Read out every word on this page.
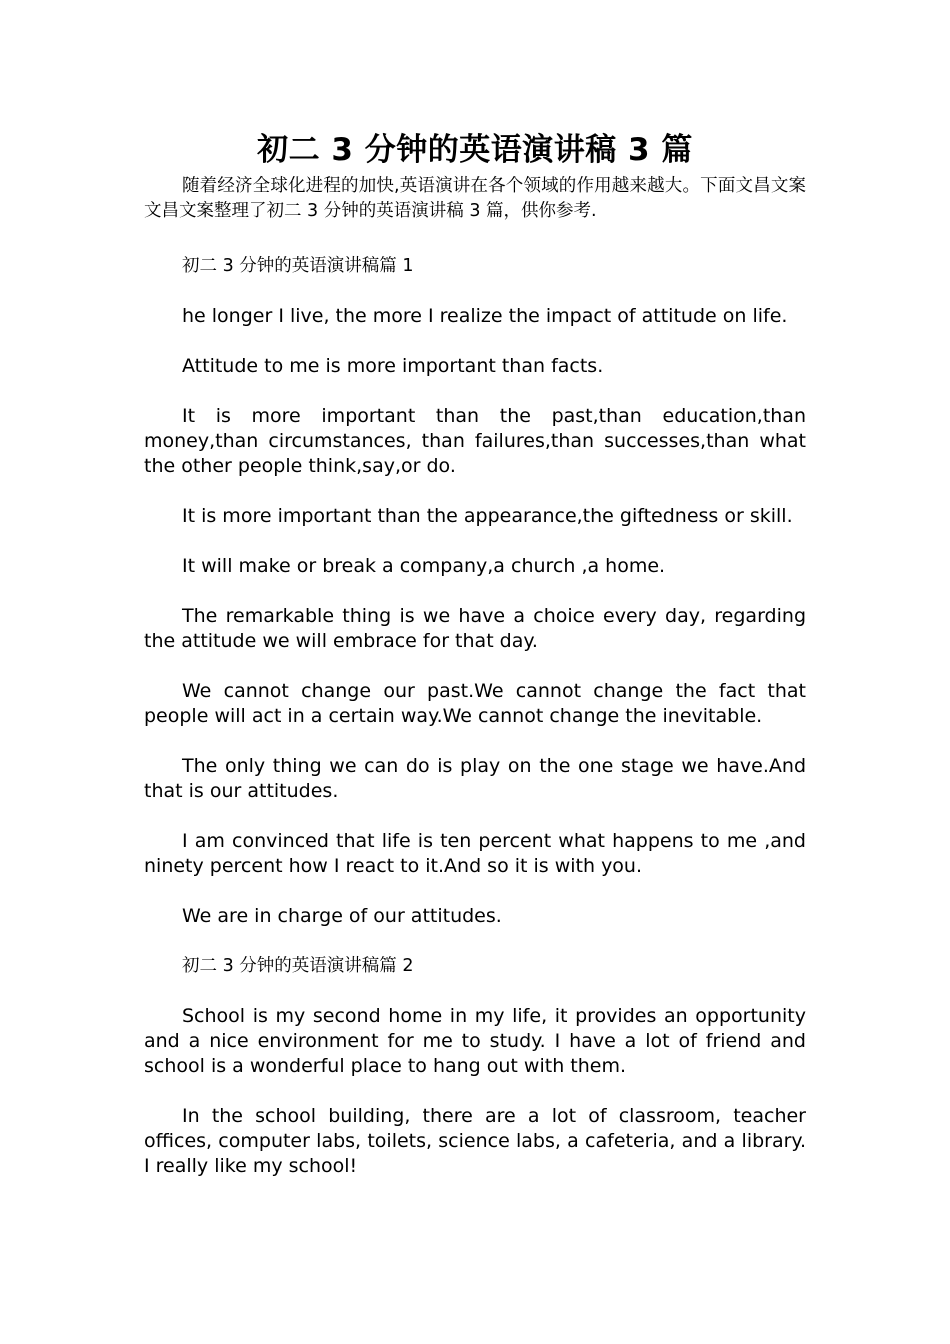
初二 3 分钟的英语演讲稿 3 篇

随着经济全球化进程的加快,英语演讲在各个领域的作用越来越大。下面文昌文案文昌文案整理了初二 3 分钟的英语演讲稿 3 篇，供你参考.

初二 3 分钟的英语演讲稿篇 1

he longer I live, the more I realize the impact of attitude on life.

Attitude to me is more important than facts.

It is more important than the past,than education,than money,than circumstances, than failures,than successes,than what the other people think,say,or do.

It is more important than the appearance,the giftedness or skill.

It will make or break a company,a church ,a home.

The remarkable thing is we have a choice every day, regarding the attitude we will embrace for that day.

We cannot change our past.We cannot change the fact that people will act in a certain way.We cannot change the inevitable.

The only thing we can do is play on the one stage we have.And that is our attitudes.

I am convinced that life is ten percent what happens to me ,and ninety percent how I react to it.And so it is with you.

We are in charge of our attitudes.

初二 3 分钟的英语演讲稿篇 2

School is my second home in my life, it provides an opportunity and a nice environment for me to study. I have a lot of friend and school is a wonderful place to hang out with them.

In the school building, there are a lot of classroom, teacher offices, computer labs, toilets, science labs, a cafeteria, and a library. I really like my school!
